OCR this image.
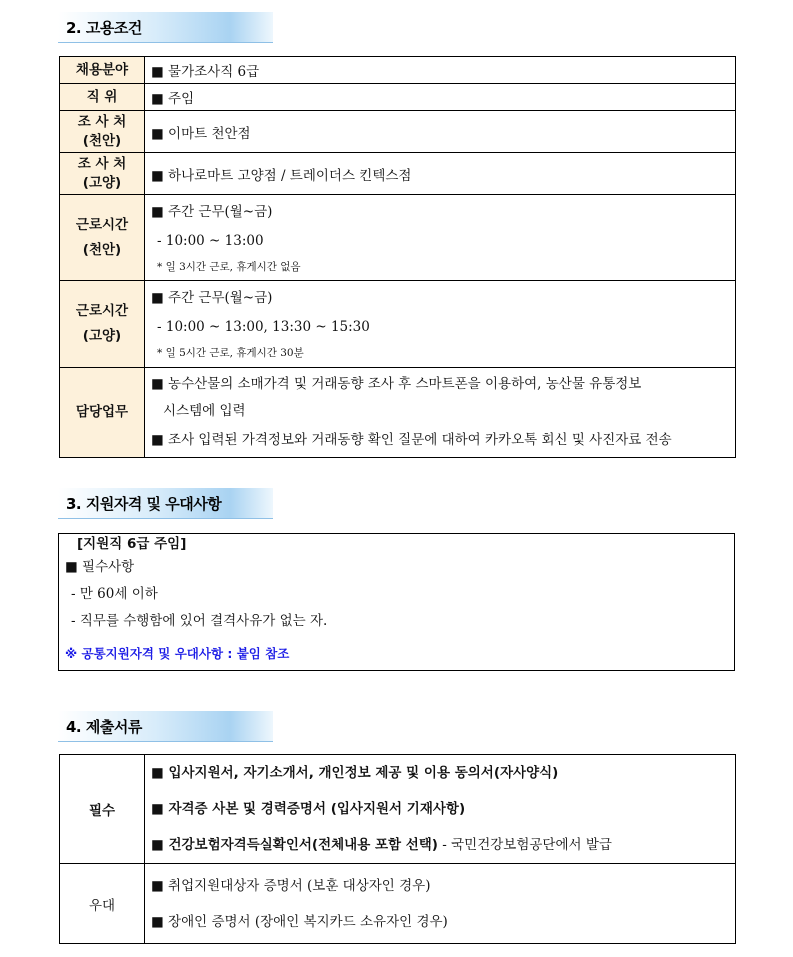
2. 고용조건
채용분야	■ 물가조사직 6급
직 위	■ 주임

조 사 처
(천안)	■ 이마트 천안점

조 사 처
(고양)	■ 하나로마트 고양점 / 트레이더스 킨텍스점

근로시간
(천안)	■ 주간 근무(월~금)
- 10:00 ~ 13:00
* 일 3시간 근로, 휴게시간 없음

근로시간
(고양)	■ 주간 근무(월~금)
- 10:00 ~ 13:00, 13:30 ~ 15:30
* 일 5시간 근로, 휴게시간 30분

담당업무	■ 농수산물의 소매가격 및 거래동향 조사 후 스마트폰을 이용하여, 농산물 유통정보
시스템에 입력
■ 조사 입력된 가격정보와 거래동향 확인 질문에 대하여 카카오톡 회신 및 사진자료 전송
3. 지원자격 및 우대사항
[지원직 6급 주임]
■ 필수사항
- 만 60세 이하
- 직무를 수행함에 있어 결격사유가 없는 자.
※ 공통지원자격 및 우대사항 : 붙임 참조
4. 제출서류
필수	■ 입사지원서, 자기소개서, 개인정보 제공 및 이용 동의서(자사양식)
■ 자격증 사본 및 경력증명서 (입사지원서 기재사항)
■ 건강보험자격득실확인서(전체내용 포함 선택) - 국민건강보험공단에서 발급

우대	■ 취업지원대상자 증명서 (보훈 대상자인 경우)
■ 장애인 증명서 (장애인 복지카드 소유자인 경우)
